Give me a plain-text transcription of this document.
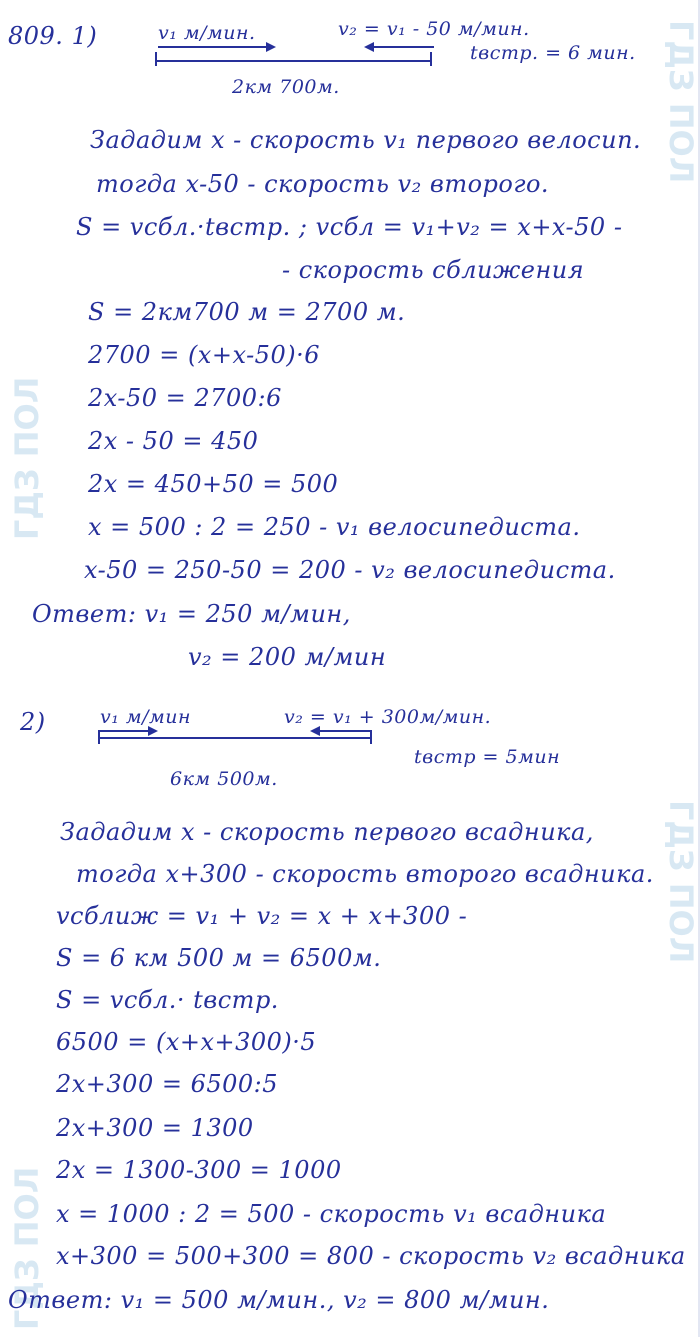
ГДЗ ПОЛ
ГДЗ ПОЛ
ГДЗ ПОЛ
ГДЗ ПОЛ
809. 1)	v₁ м/мин.	v₂ = v₁ - 50 м/мин.
tвстр. = 6 мин.
2км 700м.
Зададим x - скорость v₁ первого велосип.
тогда x-50 - скорость v₂ второго.
S = vсбл.·tвстр. ; vсбл = v₁+v₂ = x+x-50 -
- скорость сближения
S = 2км700 м = 2700 м.
2700 = (x+x-50)·6
2x-50 = 2700:6
2x - 50 = 450
2x = 450+50 = 500
x = 500 : 2 = 250 - v₁ велосипедиста.
x-50 = 250-50 = 200 - v₂ велосипедиста.
Ответ: v₁ = 250 м/мин,
v₂ = 200 м/мин
2)	v₁ м/мин	v₂ = v₁ + 300м/мин.
tвстр = 5мин
6км 500м.
Зададим x - скорость первого всадника,
тогда x+300 - скорость второго всадника.
vсближ = v₁ + v₂ = x + x+300 -
S = 6 км 500 м = 6500м.
S = vсбл.· tвстр.
6500 = (x+x+300)·5
2x+300 = 6500:5
2x+300 = 1300
2x = 1300-300 = 1000
x = 1000 : 2 = 500 - скорость v₁ всадника
x+300 = 500+300 = 800 - скорость v₂ всадника
Ответ: v₁ = 500 м/мин., v₂ = 800 м/мин.
